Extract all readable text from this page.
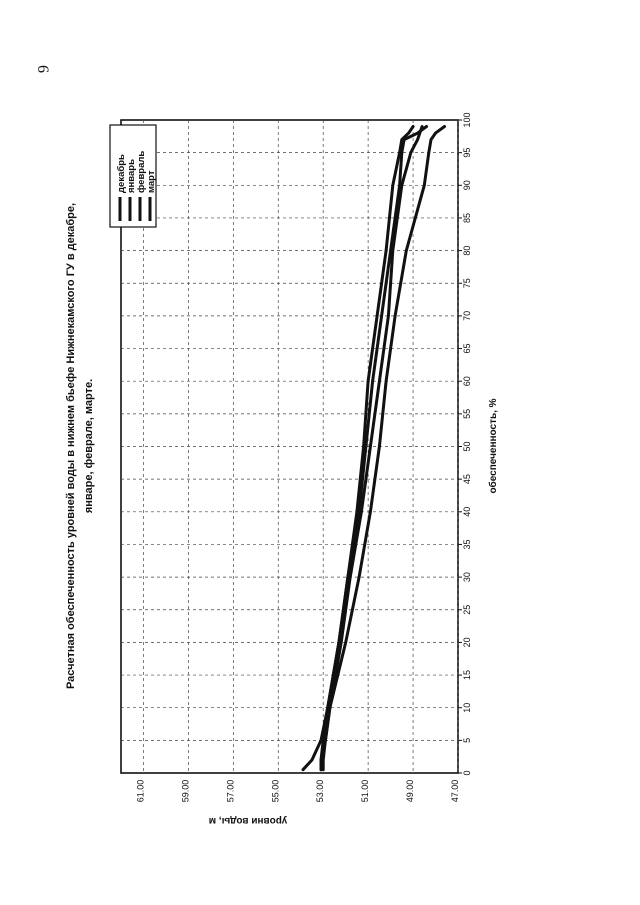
6
0
5
10
15
20
25
30
35
40
45
50
55
60
65
70
75
80
85
90
95
100
61.00	59.00	57.00	55.00	53.00	51.00	49.00	47.00
декабрь январь февраль март
Расчетная обеспеченность уровней воды в нижнем бьефе Нижнекамского ГУ в декабре, январе, феврале, марте.	обеспеченность, %
уровни воды, м
